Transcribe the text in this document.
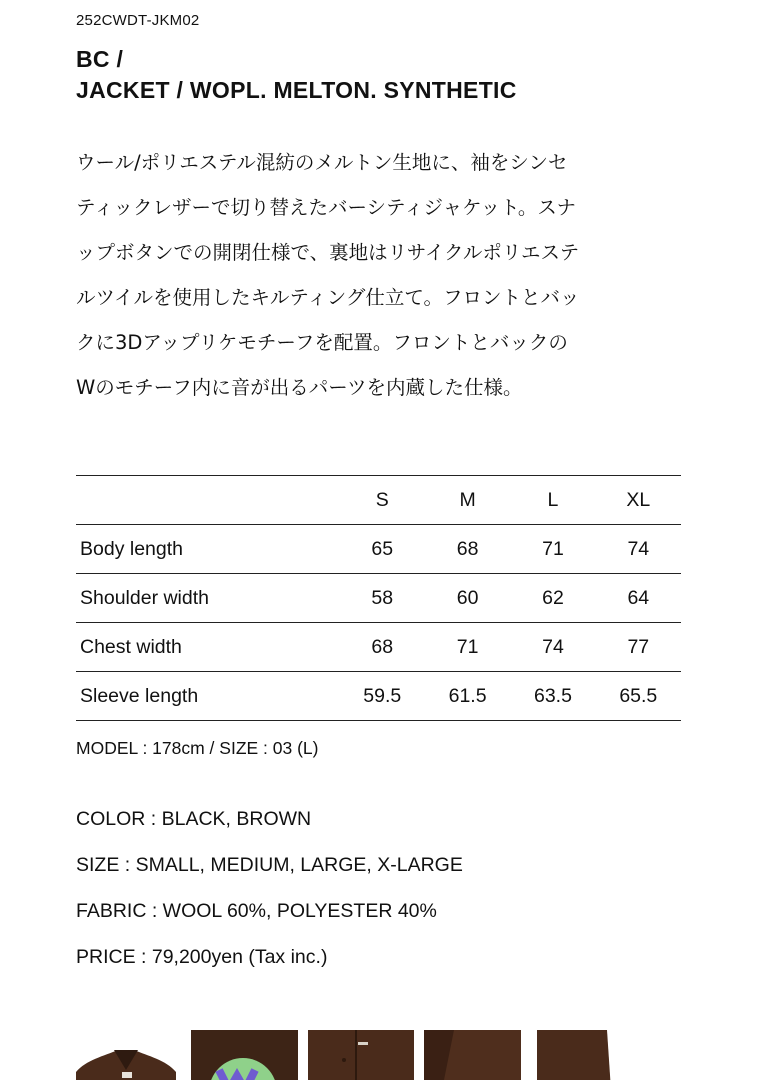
252CWDT-JKM02
BC /
JACKET / WOPL. MELTON. SYNTHETIC
ウール/ポリエステル混紡のメルトン生地に、袖をシンセ
ティックレザーで切り替えたバーシティジャケット。スナ
ップボタンでの開閉仕様で、裏地はリサイクルポリエステ
ルツイルを使用したキルティング仕立て。フロントとバッ
クに3Dアップリケモチーフを配置。フロントとバックの
Wのモチーフ内に音が出るパーツを内蔵した仕様。
	S	M	L	XL
Body length	65	68	71	74
Shoulder width	58	60	62	64
Chest width	68	71	74	77
Sleeve length	59.5	61.5	63.5	65.5
MODEL : 178cm / SIZE : 03 (L)
COLOR : BLACK, BROWN
SIZE : SMALL, MEDIUM, LARGE, X-LARGE
FABRIC : WOOL 60%, POLYESTER 40%
PRICE : 79,200yen (Tax inc.)
